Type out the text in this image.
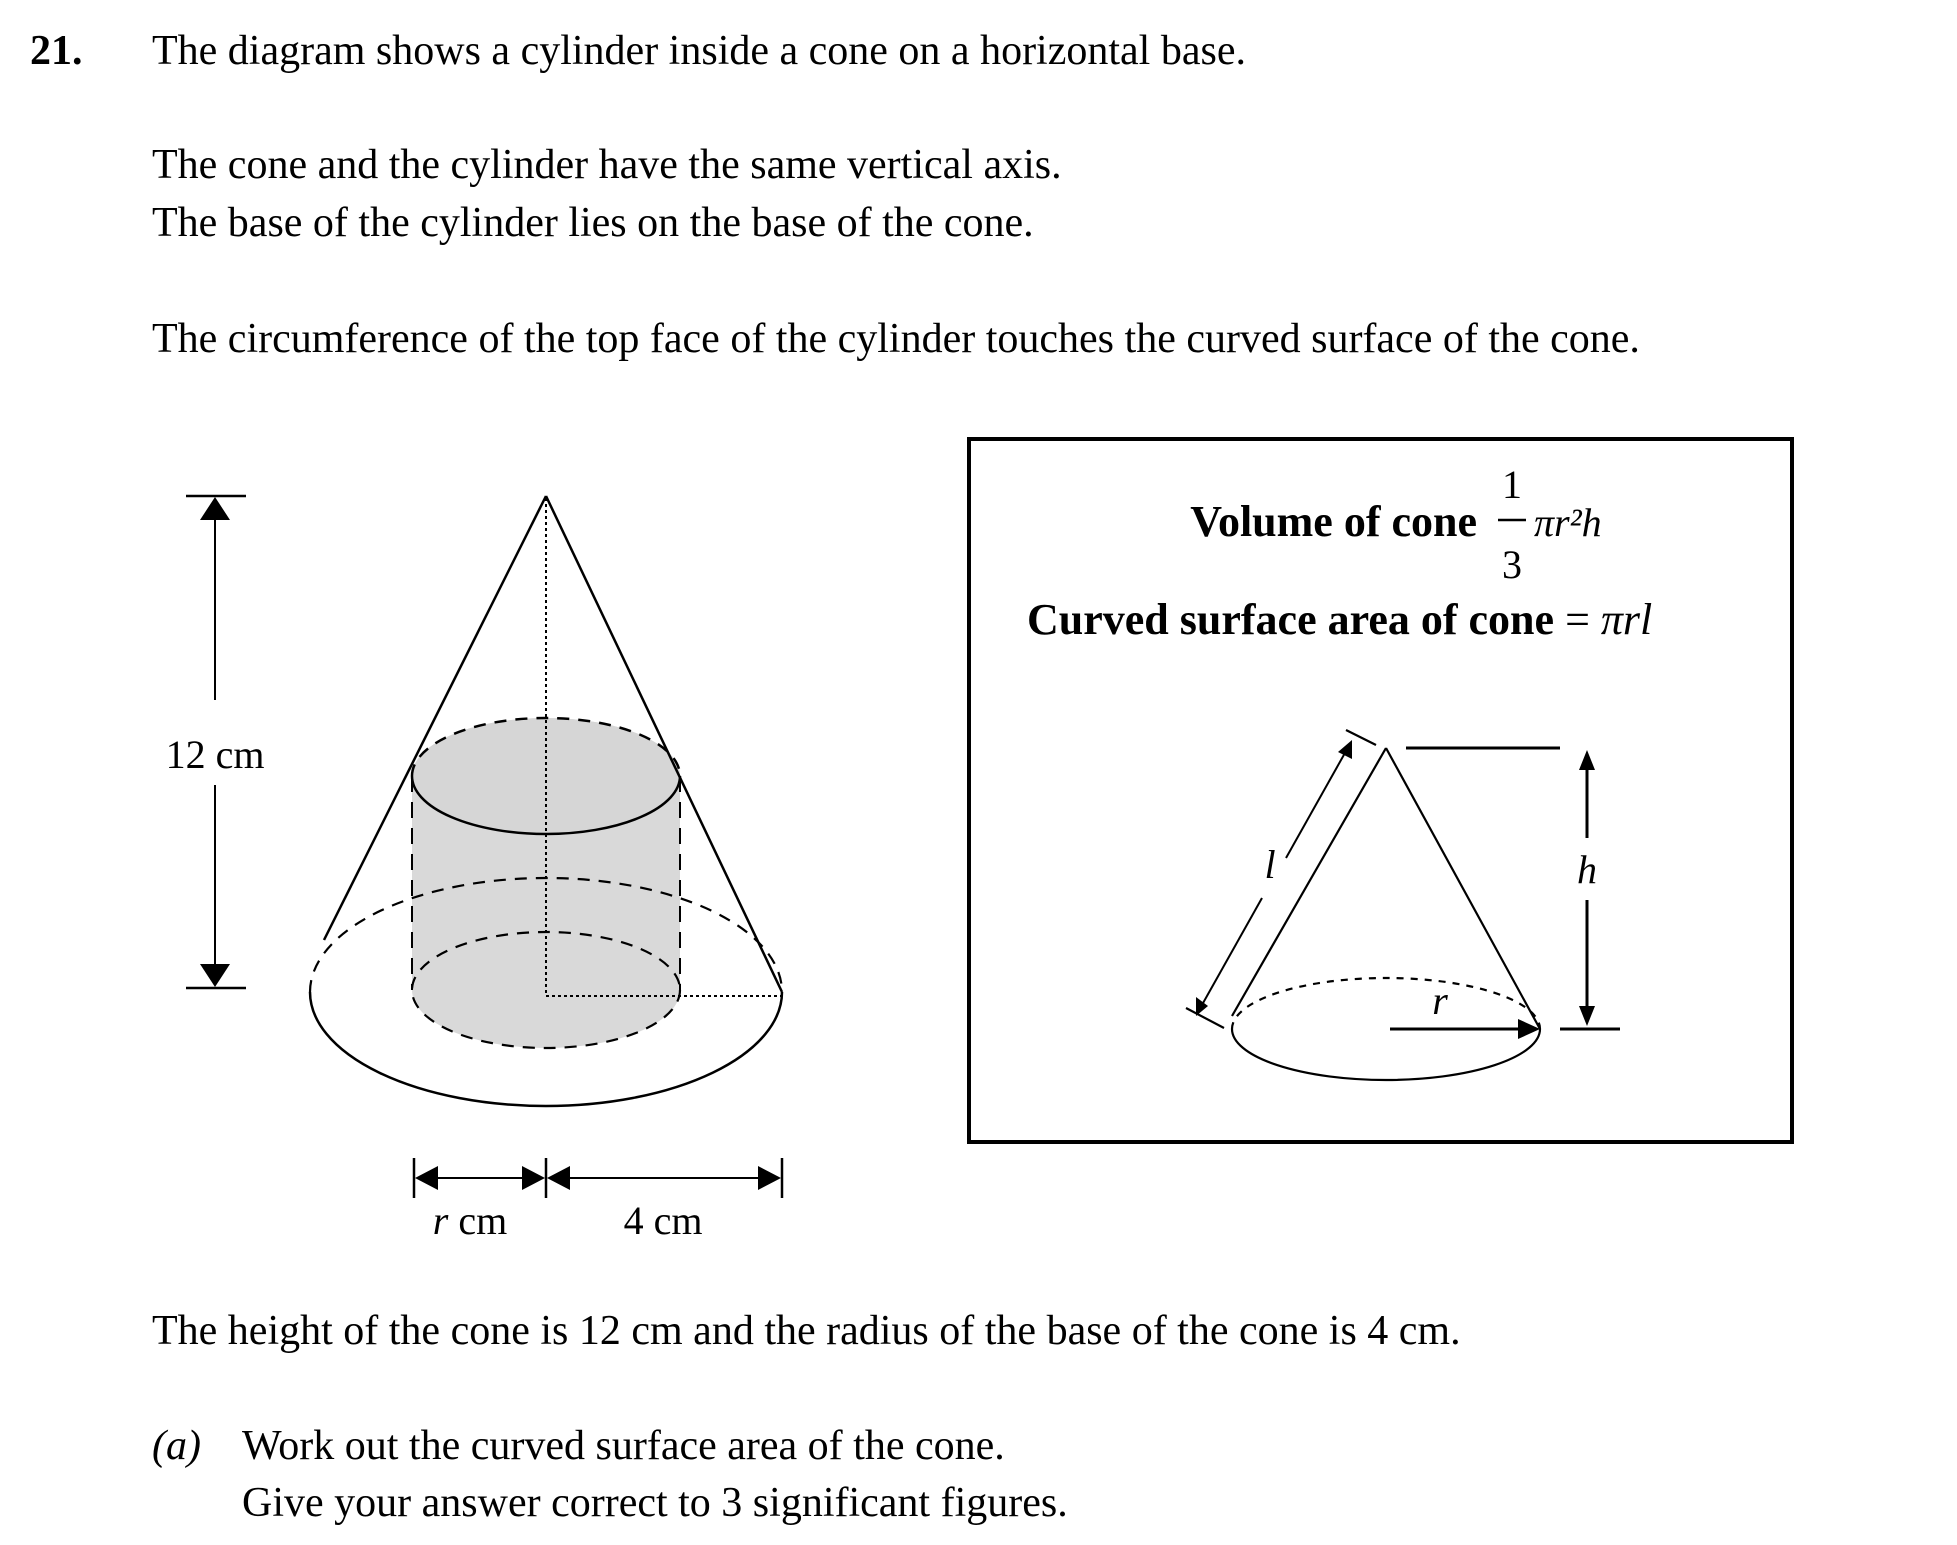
21. The diagram shows a cylinder inside a cone on a horizontal base.
The cone and the cylinder have the same vertical axis.
The base of the cylinder lies on the base of the cone.
The circumference of the top face of the cylinder touches the curved surface of the cone.
The height of the cone is 12 cm and the radius of the base of the cone is 4 cm.
(a) Work out the curved surface area of the cone.
Give your answer correct to 3 significant figures.
12 cm
r cm	4 cm
Volume of cone
1
3
πr²h
Curved surface area of cone = πrl
l	h
r
